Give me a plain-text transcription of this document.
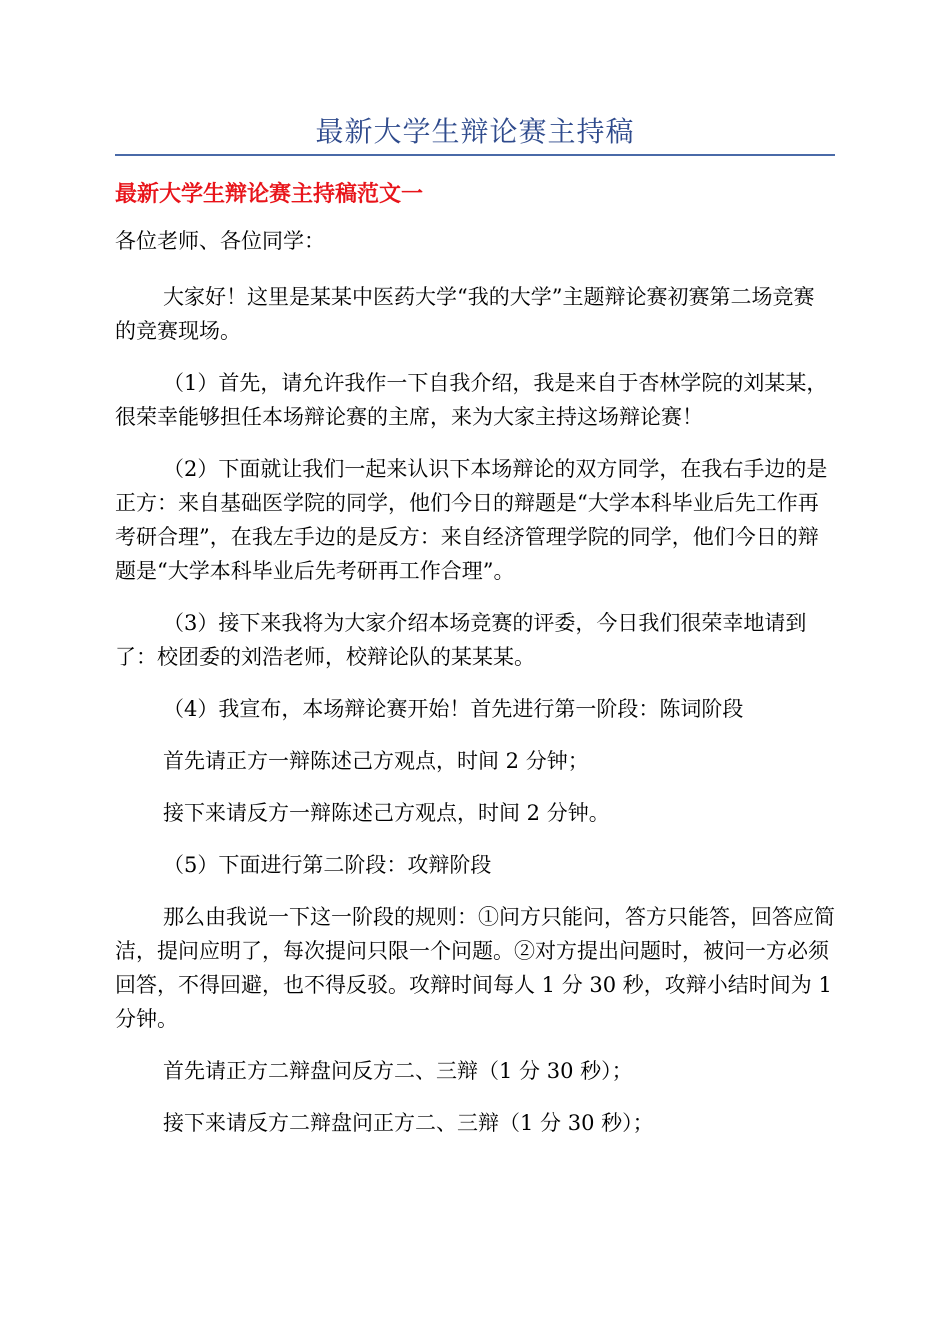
最新大学生辩论赛主持稿
最新大学生辩论赛主持稿范文一

各位老师、各位同学：

大家好！这里是某某中医药大学“我的大学”主题辩论赛初赛第二场竞赛的竞赛现场。

（1）首先，请允许我作一下自我介绍，我是来自于杏林学院的刘某某，很荣幸能够担任本场辩论赛的主席，来为大家主持这场辩论赛！

（2）下面就让我们一起来认识下本场辩论的双方同学，在我右手边的是正方：来自基础医学院的同学，他们今日的辩题是“大学本科毕业后先工作再考研合理”，在我左手边的是反方：来自经济管理学院的同学，他们今日的辩题是“大学本科毕业后先考研再工作合理”。

（3）接下来我将为大家介绍本场竞赛的评委，今日我们很荣幸地请到了：校团委的刘浩老师，校辩论队的某某某。

（4）我宣布，本场辩论赛开始！首先进行第一阶段：陈词阶段

首先请正方一辩陈述己方观点，时间 2 分钟；

接下来请反方一辩陈述己方观点，时间 2 分钟。

（5）下面进行第二阶段：攻辩阶段

那么由我说一下这一阶段的规则：①问方只能问，答方只能答，回答应简洁，提问应明了，每次提问只限一个问题。②对方提出问题时，被问一方必须回答，不得回避，也不得反驳。攻辩时间每人 1 分 30 秒，攻辩小结时间为 1 分钟。

首先请正方二辩盘问反方二、三辩（1 分 30 秒）；

接下来请反方二辩盘问正方二、三辩（1 分 30 秒）；
